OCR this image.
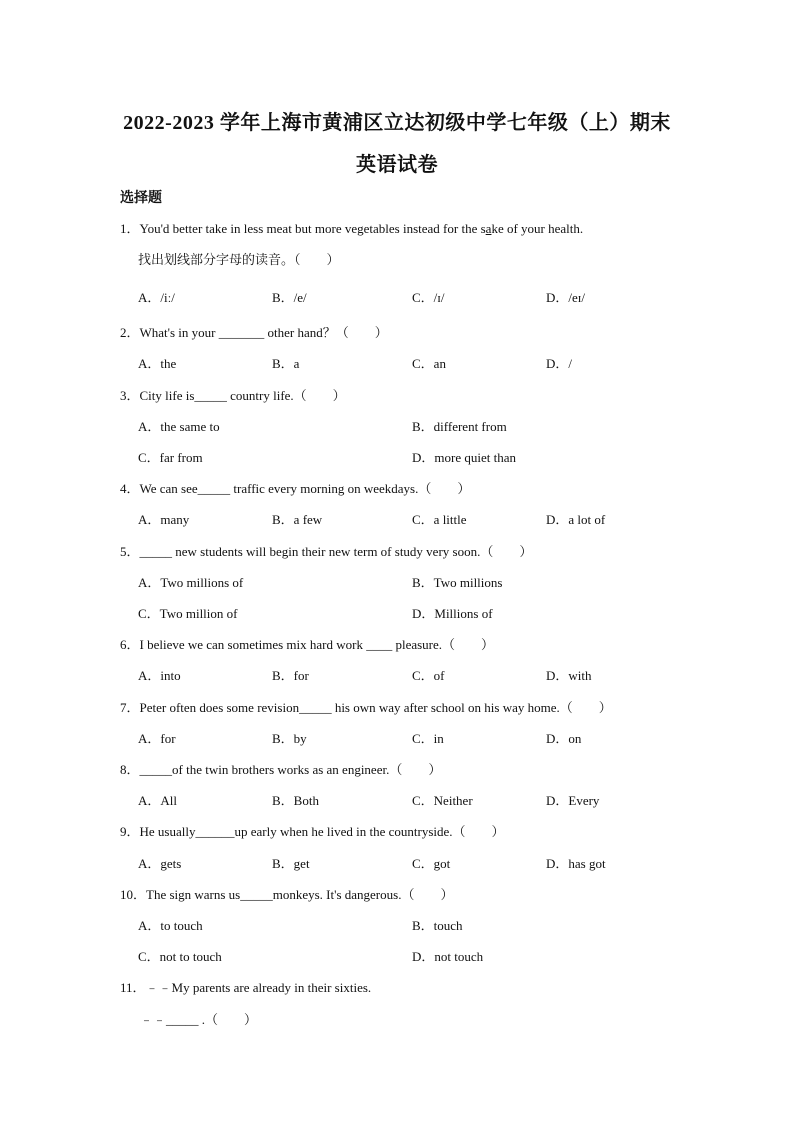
2022-2023 学年上海市黄浦区立达初级中学七年级（上）期末
英语试卷
选择题
1．You'd better take in less meat but more vegetables instead for the sake of your health.
找出划线部分字母的读音。（　　）
A．/iː/	B．/e/	C．/ɪ/	D．/eɪ/
2．What's in your _______ other hand？（　　）
A．the	B．a	C．an	D．/
3．City life is_____ country life.（　　）
A．the same to	B．different from
C．far from	D．more quiet than
4．We can see_____ traffic every morning on weekdays.（　　）
A．many	B．a few	C．a little	D．a lot of
5．_____ new students will begin their new term of study very soon.（　　）
A．Two millions of	B．Two millions
C．Two million of	D．Millions of
6．I believe we can sometimes mix hard work ____ pleasure.（　　）
A．into	B．for	C．of	D．with
7．Peter often does some revision_____ his own way after school on his way home.（　　）
A．for	B．by	C．in	D．on
8．_____of the twin brothers works as an engineer.（　　）
A．All	B．Both	C．Neither	D．Every
9．He usually______up early when he lived in the countryside.（　　）
A．gets	B．get	C．got	D．has got
10．The sign warns us_____monkeys. It's dangerous.（　　）
A．to touch	B．touch
C．not to touch	D．not touch
11．﹣﹣My parents are already in their sixties.
﹣﹣_____ .（　　）
